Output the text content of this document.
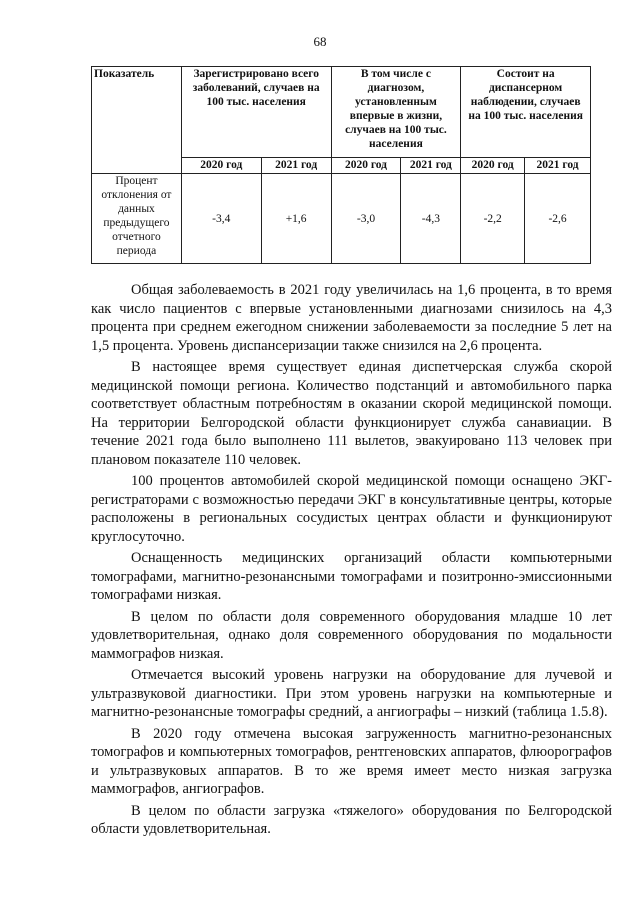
68
Показатель	Зарегистрировано всего заболеваний, случаев на 100 тыс. населения		В том числе с диагнозом, установленным впервые в жизни, случаев на 100 тыс. населения		Состоит на диспансерном наблюдении, случаев на 100 тыс. населения	
	2020 год	2021 год	2020 год	2021 год	2020 год	2021 год
Процент отклонения от данных предыдущего отчетного периода	-3,4	+1,6	-3,0	-4,3	-2,2	-2,6

Общая заболеваемость в 2021 году увеличилась на 1,6 процента, в то время как число пациентов с впервые установленными диагнозами снизилось на 4,3 процента при среднем ежегодном снижении заболеваемости за последние 5 лет на 1,5 процента. Уровень диспансеризации также снизился на 2,6 процента.

В настоящее время существует единая диспетчерская служба скорой медицинской помощи региона. Количество подстанций и автомобильного парка соответствует областным потребностям в оказании скорой медицинской помощи. На территории Белгородской области функционирует служба санавиации. В течение 2021 года было выполнено 111 вылетов, эвакуировано 113 человек при плановом показателе 110 человек.

100 процентов автомобилей скорой медицинской помощи оснащено ЭКГ-регистраторами с возможностью передачи ЭКГ в консультативные центры, которые расположены в региональных сосудистых центрах области и функционируют круглосуточно.

Оснащенность медицинских организаций области компьютерными томографами, магнитно-резонансными томографами и позитронно-эмиссионными томографами низкая.

В целом по области доля современного оборудования младше 10 лет удовлетворительная, однако доля современного оборудования по модальности маммографов низкая.

Отмечается высокий уровень нагрузки на оборудование для лучевой и ультразвуковой диагностики. При этом уровень нагрузки на компьютерные и магнитно-резонансные томографы средний, а ангиографы – низкий (таблица 1.5.8).

В 2020 году отмечена высокая загруженность магнитно-резонансных томографов и компьютерных томографов, рентгеновских аппаратов, флюорографов и ультразвуковых аппаратов. В то же время имеет место низкая загрузка маммографов, ангиографов.

В целом по области загрузка «тяжелого» оборудования по Белгородской области удовлетворительная.
